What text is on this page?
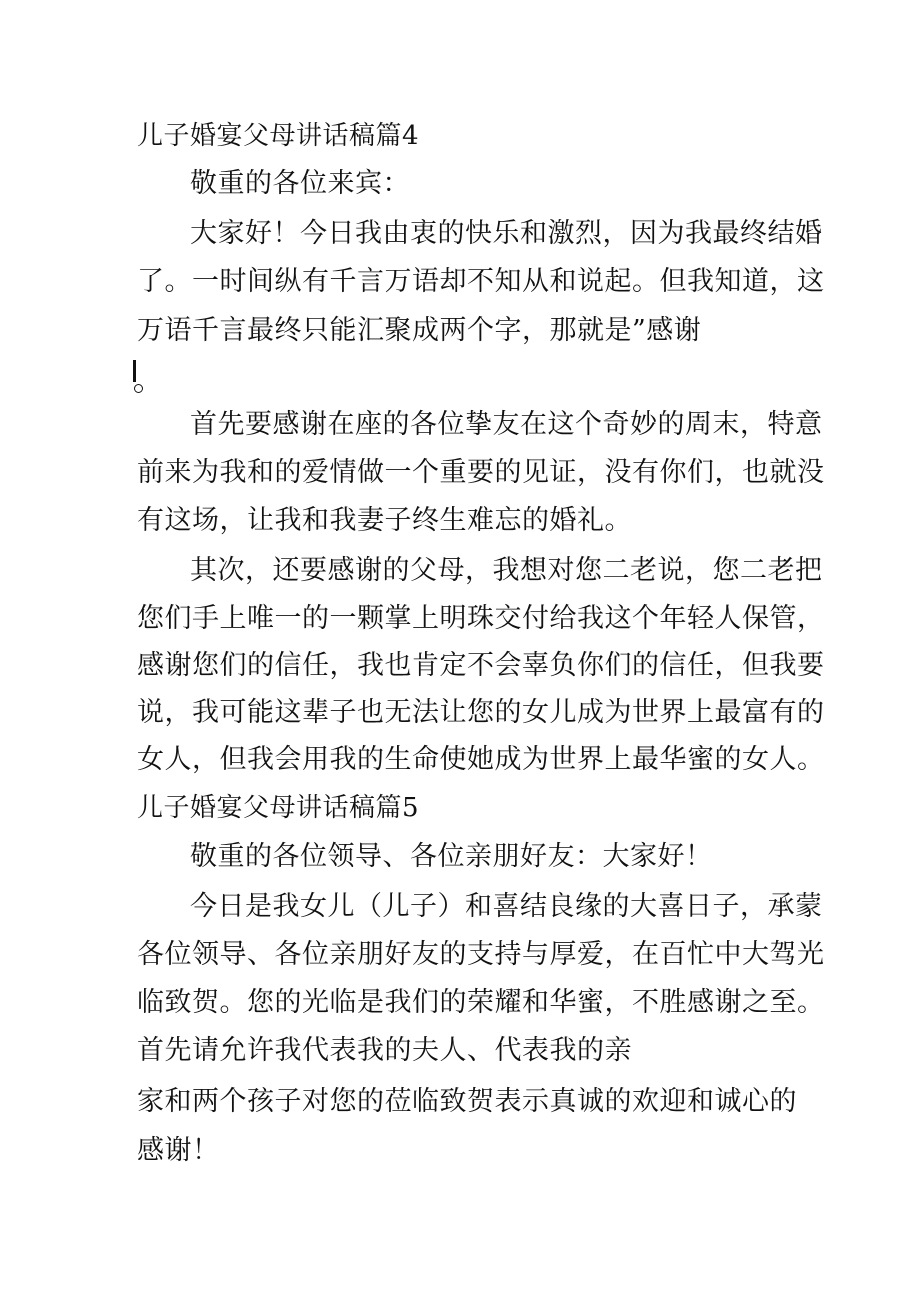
儿子婚宴父母讲话稿篇4
敬重的各位来宾：
大家好！今日我由衷的快乐和激烈，因为我最终结婚
了。一时间纵有千言万语却不知从和说起。但我知道，这
万语千言最终只能汇聚成两个字，那就是”感谢
首先要感谢在座的各位挚友在这个奇妙的周末，特意
前来为我和的爱情做一个重要的见证，没有你们，也就没
有这场，让我和我妻子终生难忘的婚礼。
其次，还要感谢的父母，我想对您二老说，您二老把
您们手上唯一的一颗掌上明珠交付给我这个年轻人保管，
感谢您们的信任，我也肯定不会辜负你们的信任，但我要
说，我可能这辈子也无法让您的女儿成为世界上最富有的
女人，但我会用我的生命使她成为世界上最华蜜的女人。
儿子婚宴父母讲话稿篇5
敬重的各位领导、各位亲朋好友：大家好！
今日是我女儿（儿子）和喜结良缘的大喜日子，承蒙
各位领导、各位亲朋好友的支持与厚爱，在百忙中大驾光
临致贺。您的光临是我们的荣耀和华蜜，不胜感谢之至。
首先请允许我代表我的夫人、代表我的亲
家和两个孩子对您的莅临致贺表示真诚的欢迎和诚心的
感谢！
